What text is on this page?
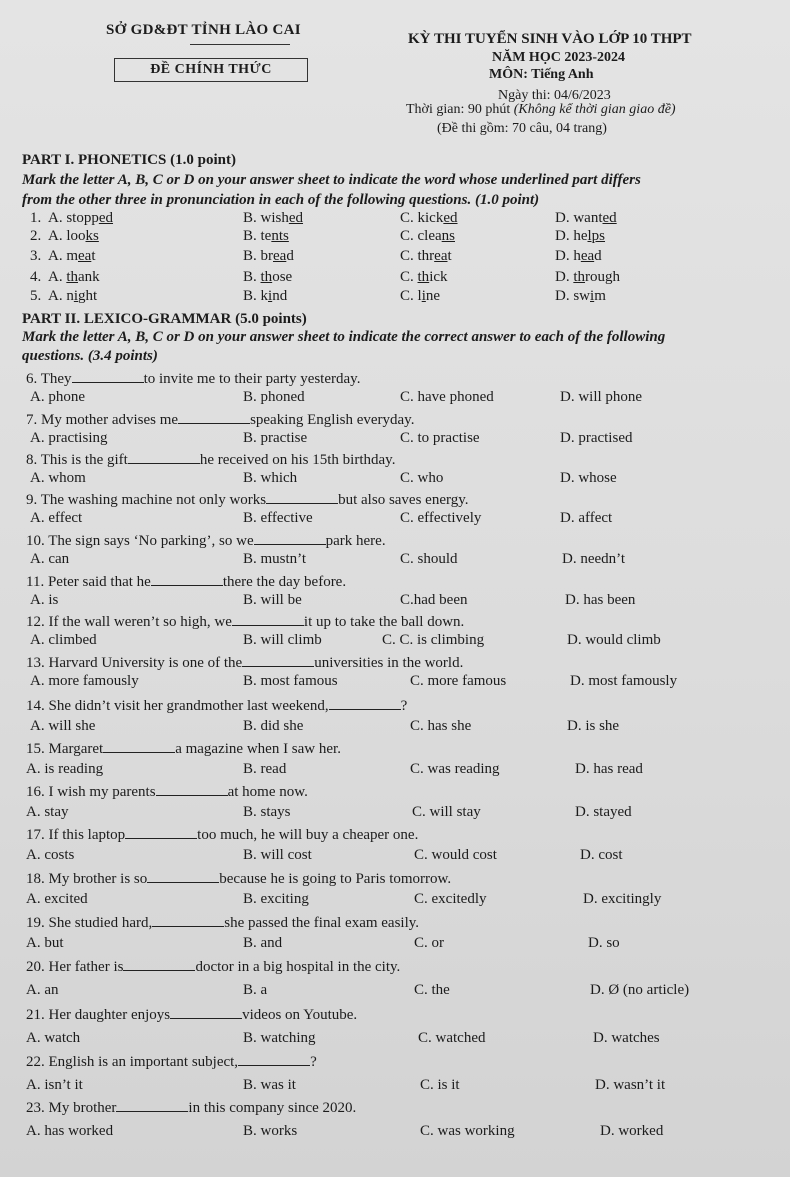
SỞ GD&ĐT TỈNH LÀO CAI
ĐỀ CHÍNH THỨC
KỲ THI TUYỂN SINH VÀO LỚP 10 THPT
NĂM HỌC 2023-2024
MÔN: Tiếng Anh
Ngày thi: 04/6/2023
Thời gian: 90 phút (Không kể thời gian giao đề)
(Đề thi gồm: 70 câu, 04 trang)
PART I. PHONETICS (1.0 point)
Mark the letter A, B, C or D on your answer sheet to indicate the word whose underlined part differs
from the other three in pronunciation in each of the following questions. (1.0 point)
1. A. stopped	B. wished	C. kicked	D. wanted
2. A. looks	B. tents	C. cleans	D. helps
3. A. meat	B. bread	C. threat	D. head
4. A. thank	B. those	C. thick	D. through
5. A. night	B. kind	C. line	D. swim
PART II. LEXICO-GRAMMAR (5.0 points)
Mark the letter A, B, C or D on your answer sheet to indicate the correct answer to each of the following
questions. (3.4 points)
6. They	to invite me to their party yesterday.
A. phone	B. phoned	C. have phoned	D. will phone
7. My mother advises me	speaking English everyday.
A. practising	B. practise	C. to practise	D. practised
8. This is the gift	he received on his 15th birthday.
A. whom	B. which	C. who	D. whose
9. The washing machine not only works	but also saves energy.
A. effect	B. effective	C. effectively	D. affect
10. The sign says ‘No parking’, so we	park here.
A. can	B. mustn’t	C. should	D. needn’t
11. Peter said that he	there the day before.
A. is	B. will be	C.had been	D. has been
12. If the wall weren’t so high, we	it up to take the ball down.
A. climbed	B. will climb	C. C. is climbing	D. would climb
13. Harvard University is one of the	universities in the world.
A. more famously	B. most famous	C. more famous	D. most famously
14. She didn’t visit her grandmother last weekend,	?
A. will she	B. did she	C. has she	D. is she
15. Margaret	a magazine when I saw her.
A. is reading	B. read	C. was reading	D. has read
16. I wish my parents	at home now.
A. stay	B. stays	C. will stay	D. stayed
17. If this laptop	too much, he will buy a cheaper one.
A. costs	B. will cost	C. would cost	D. cost
18. My brother is so	because he is going to Paris tomorrow.
A. excited	B. exciting	C. excitedly	D. excitingly
19. She studied hard,	she passed the final exam easily.
A. but	B. and	C. or	D. so
20. Her father is	doctor in a big hospital in the city.
A. an	B. a	C. the	D. Ø (no article)
21. Her daughter enjoys	videos on Youtube.
A. watch	B. watching	C. watched	D. watches
22. English is an important subject,	?
A. isn’t it	B. was it	C. is it	D. wasn’t it
23. My brother	in this company since 2020.
A. has worked	B. works	C. was working	D. worked
